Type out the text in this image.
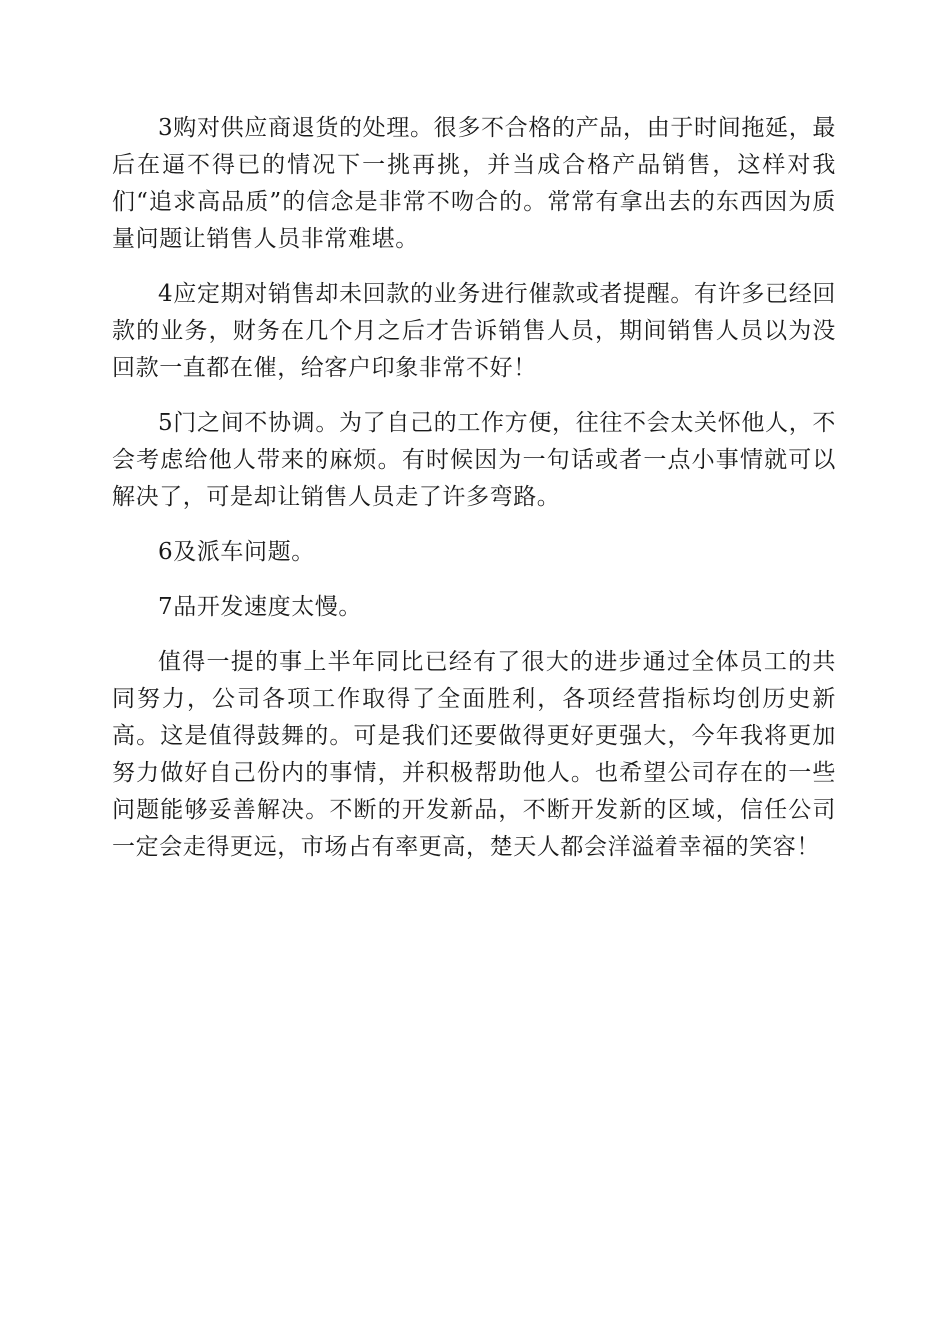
3购对供应商退货的处理。很多不合格的产品，由于时间拖延，最后在逼不得已的情况下一挑再挑，并当成合格产品销售，这样对我们“追求高品质”的信念是非常不吻合的。常常有拿出去的东西因为质量问题让销售人员非常难堪。

4应定期对销售却未回款的业务进行催款或者提醒。有许多已经回款的业务，财务在几个月之后才告诉销售人员，期间销售人员以为没回款一直都在催，给客户印象非常不好！

5门之间不协调。为了自己的工作方便，往往不会太关怀他人，不会考虑给他人带来的麻烦。有时候因为一句话或者一点小事情就可以解决了，可是却让销售人员走了许多弯路。

6及派车问题。

7品开发速度太慢。

值得一提的事上半年同比已经有了很大的进步通过全体员工的共同努力，公司各项工作取得了全面胜利，各项经营指标均创历史新高。这是值得鼓舞的。可是我们还要做得更好更强大，今年我将更加努力做好自己份内的事情，并积极帮助他人。也希望公司存在的一些问题能够妥善解决。不断的开发新品，不断开发新的区域，信任公司一定会走得更远，市场占有率更高，楚天人都会洋溢着幸福的笑容！
